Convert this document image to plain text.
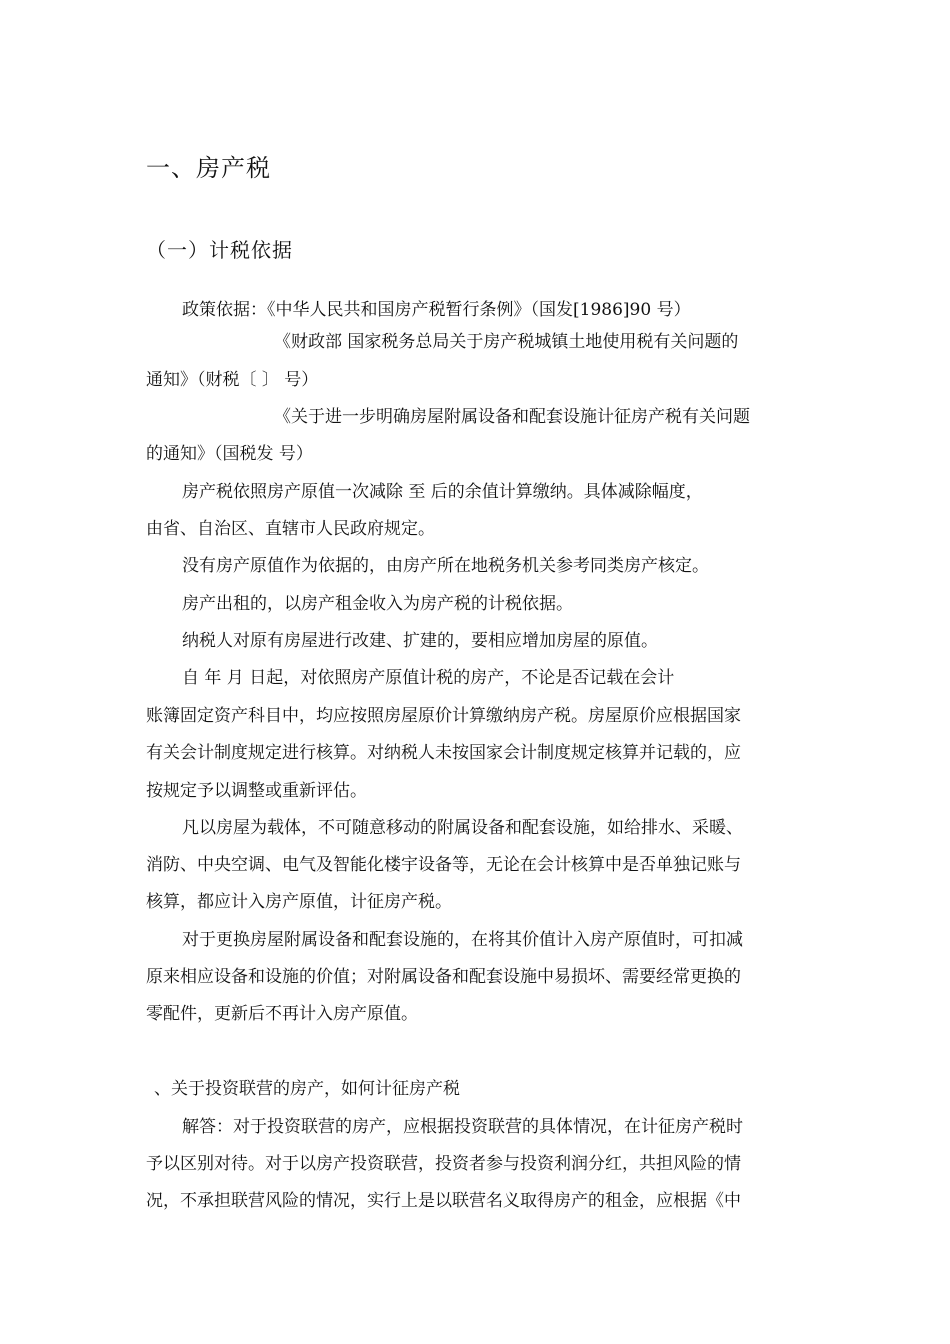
一、房产税
（一）计税依据
政策依据：《中华人民共和国房产税暂行条例》（国发[1986]90 号）
《财政部 国家税务总局关于房产税城镇土地使用税有关问题的
通知》（财税〔 〕 号）
《关于进一步明确房屋附属设备和配套设施计征房产税有关问题
的通知》（国税发 号）
房产税依照房产原值一次减除 至 后的余值计算缴纳。具体减除幅度，
由省、自治区、直辖市人民政府规定。
没有房产原值作为依据的，由房产所在地税务机关参考同类房产核定。
房产出租的，以房产租金收入为房产税的计税依据。
纳税人对原有房屋进行改建、扩建的，要相应增加房屋的原值。
自 年 月 日起，对依照房产原值计税的房产，不论是否记载在会计
账簿固定资产科目中，均应按照房屋原价计算缴纳房产税。房屋原价应根据国家
有关会计制度规定进行核算。对纳税人未按国家会计制度规定核算并记载的，应
按规定予以调整或重新评估。
凡以房屋为载体，不可随意移动的附属设备和配套设施，如给排水、采暖、
消防、中央空调、电气及智能化楼宇设备等，无论在会计核算中是否单独记账与
核算，都应计入房产原值，计征房产税。
对于更换房屋附属设备和配套设施的，在将其价值计入房产原值时，可扣减
原来相应设备和设施的价值；对附属设备和配套设施中易损坏、需要经常更换的
零配件，更新后不再计入房产原值。
、关于投资联营的房产，如何计征房产税
解答：对于投资联营的房产，应根据投资联营的具体情况，在计征房产税时
予以区别对待。对于以房产投资联营，投资者参与投资利润分红，共担风险的情
况，不承担联营风险的情况，实行上是以联营名义取得房产的租金，应根据《中
